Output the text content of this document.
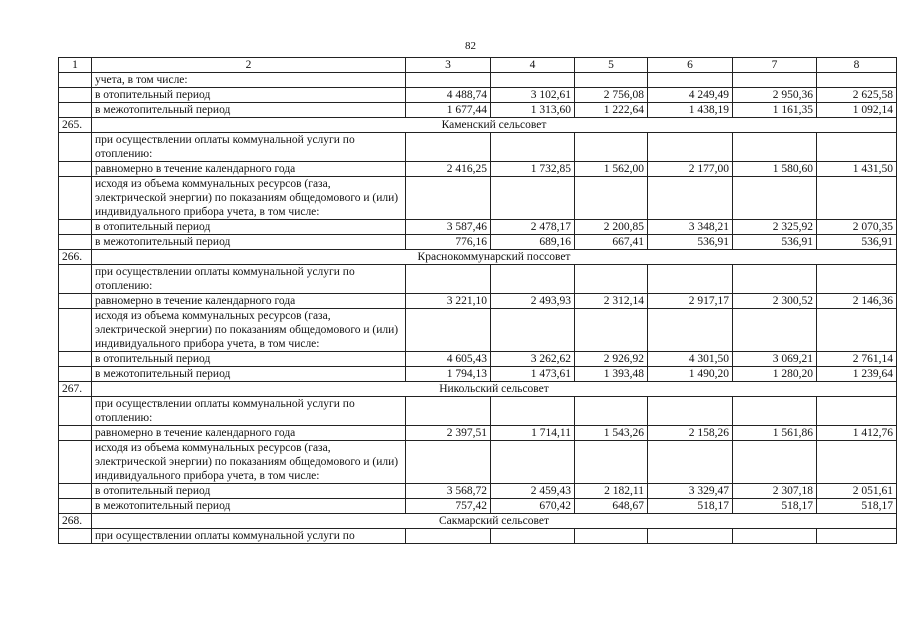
82
1	2	3	4	5	6	7	8
	учета, в том числе:						
	в отопительный период	4 488,74	3 102,61	2 756,08	4 249,49	2 950,36	2 625,58
	в межотопительный период	1 677,44	1 313,60	1 222,64	1 438,19	1 161,35	1 092,14
265.	Каменский сельсовет						
	при осуществлении оплаты коммунальной услуги по отоплению:						
	равномерно в течение календарного года	2 416,25	1 732,85	1 562,00	2 177,00	1 580,60	1 431,50
	исходя из объема коммунальных ресурсов (газа, электрической энергии) по показаниям общедомового и (или) индивидуального прибора учета, в том числе:						
	в отопительный период	3 587,46	2 478,17	2 200,85	3 348,21	2 325,92	2 070,35
	в межотопительный период	776,16	689,16	667,41	536,91	536,91	536,91
266.	Краснокоммунарский поссовет						
	при осуществлении оплаты коммунальной услуги по отоплению:						
	равномерно в течение календарного года	3 221,10	2 493,93	2 312,14	2 917,17	2 300,52	2 146,36
	исходя из объема коммунальных ресурсов (газа, электрической энергии) по показаниям общедомового и (или) индивидуального прибора учета, в том числе:						
	в отопительный период	4 605,43	3 262,62	2 926,92	4 301,50	3 069,21	2 761,14
	в межотопительный период	1 794,13	1 473,61	1 393,48	1 490,20	1 280,20	1 239,64
267.	Никольский сельсовет						
	при осуществлении оплаты коммунальной услуги по отоплению:						
	равномерно в течение календарного года	2 397,51	1 714,11	1 543,26	2 158,26	1 561,86	1 412,76
	исходя из объема коммунальных ресурсов (газа, электрической энергии) по показаниям общедомового и (или) индивидуального прибора учета, в том числе:						
	в отопительный период	3 568,72	2 459,43	2 182,11	3 329,47	2 307,18	2 051,61
	в межотопительный период	757,42	670,42	648,67	518,17	518,17	518,17
268.	Сакмарский сельсовет						
	при осуществлении оплаты коммунальной услуги по						
